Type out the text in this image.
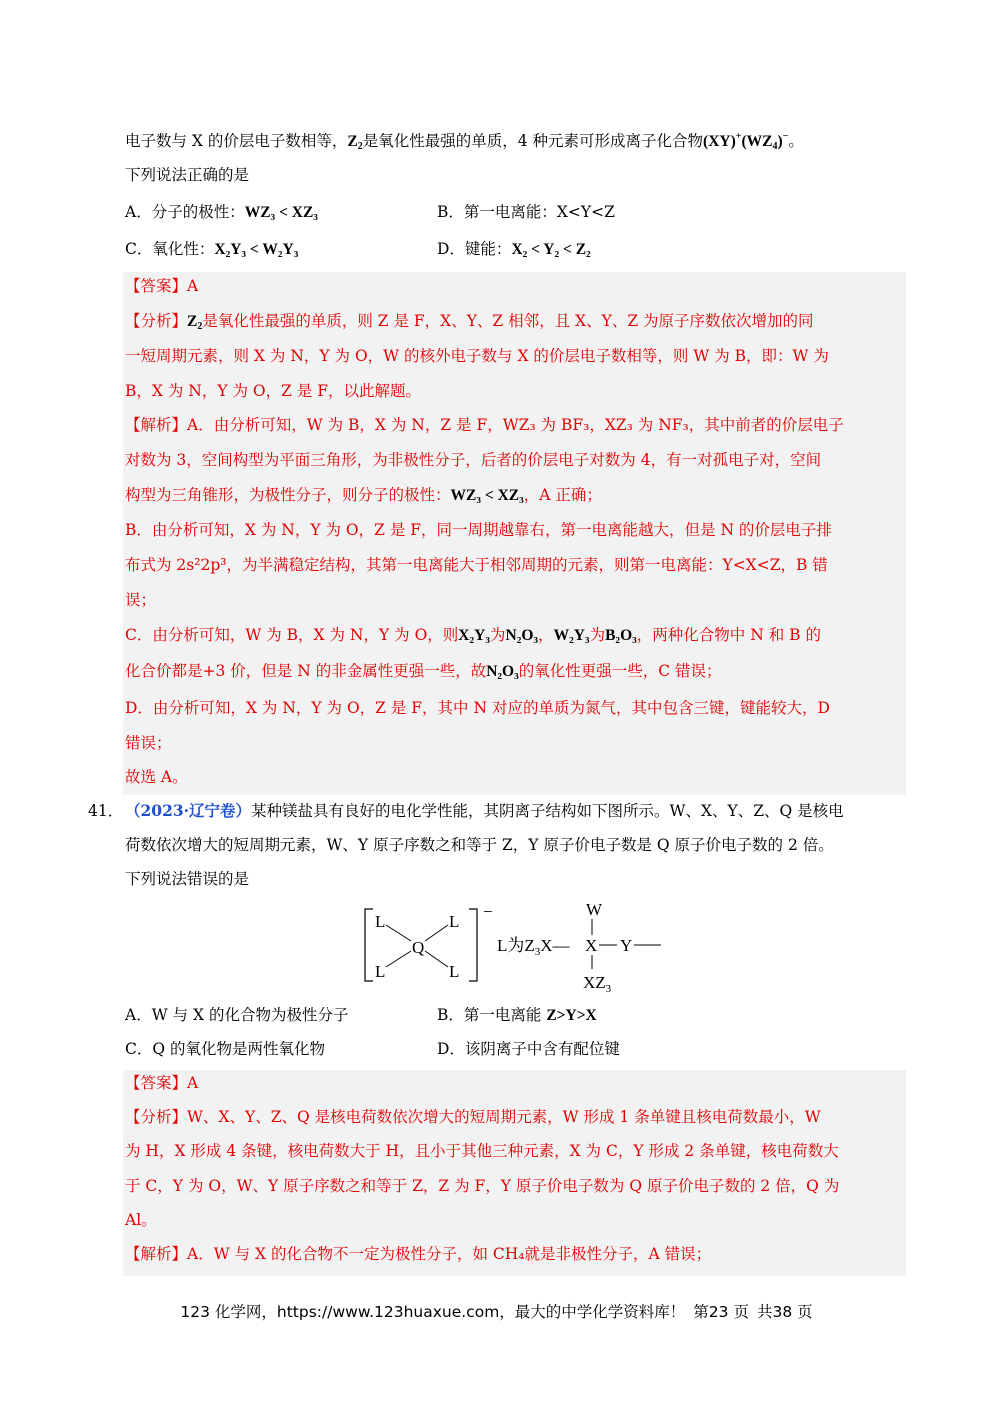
电子数与 X 的价层电子数相等，$Z_2$是氧化性最强的单质，4 种元素可形成离子化合物$(XY)^+(WZ_4)^-$。
下列说法正确的是
A．分子的极性：WZ₃ < XZ₃	B．第一电离能：X<Y<Z
C．氧化性：X₂Y₃ < W₂Y₃	D．键能：X₂ < Y₂ < Z₂
【答案】A
【分析】$Z_2$是氧化性最强的单质，则 Z 是 F，X、Y、Z 相邻，且 X、Y、Z 为原子序数依次增加的同
一短周期元素，则 X 为 N，Y 为 O，W 的核外电子数与 X 的价层电子数相等，则 W 为 B，即：W 为
B，X 为 N，Y 为 O，Z 是 F，以此解题。
【解析】A．由分析可知，W 为 B，X 为 N，Z 是 F，WZ₃ 为 BF₃，XZ₃ 为 NF₃，其中前者的价层电子
对数为 3，空间构型为平面三角形，为非极性分子，后者的价层电子对数为 4，有一对孤电子对，空间
构型为三角锥形，为极性分子，则分子的极性：WZ₃ < XZ₃，A 正确；
B．由分析可知，X 为 N，Y 为 O，Z 是 F，同一周期越靠右，第一电离能越大，但是 N 的价层电子排
布式为 2s²2p³，为半满稳定结构，其第一电离能大于相邻周期的元素，则第一电离能：Y<X<Z，B 错
误；
C．由分析可知，W 为 B，X 为 N，Y 为 O，则X₂Y₃为N₂O₃，W₂Y₃为B₂O₃，两种化合物中 N 和 B 的
化合价都是+3 价，但是 N 的非金属性更强一些，故N₂O₃的氧化性更强一些，C 错误；
D．由分析可知，X 为 N，Y 为 O，Z 是 F，其中 N 对应的单质为氮气，其中包含三键，键能较大，D
错误；
故选 A。
41． （2023·辽宁卷）某种镁盐具有良好的电化学性能，其阴离子结构如下图所示。W、X、Y、Z、Q 是核电
荷数依次增大的短周期元素，W、Y 原子序数之和等于 Z，Y 原子价电子数是 Q 原子价电子数的 2 倍。
下列说法错误的是
−
L	L
L	L
Q	L为$Z_3X—$ X Y
W
$XZ_3$
A．W 与 X 的化合物为极性分子	B．第一电离能 Z>Y>X
C．Q 的氧化物是两性氧化物	D．该阴离子中含有配位键
【答案】A
【分析】W、X、Y、Z、Q 是核电荷数依次增大的短周期元素，W 形成 1 条单键且核电荷数最小，W
为 H，X 形成 4 条键，核电荷数大于 H，且小于其他三种元素，X 为 C，Y 形成 2 条单键，核电荷数大
于 C，Y 为 O，W、Y 原子序数之和等于 Z，Z 为 F，Y 原子价电子数为 Q 原子价电子数的 2 倍，Q 为
Al。
【解析】A．W 与 X 的化合物不一定为极性分子，如 CH₄就是非极性分子，A 错误；
123 化学网，https://www.123huaxue.com，最大的中学化学资料库！ 第23 页 共38 页
